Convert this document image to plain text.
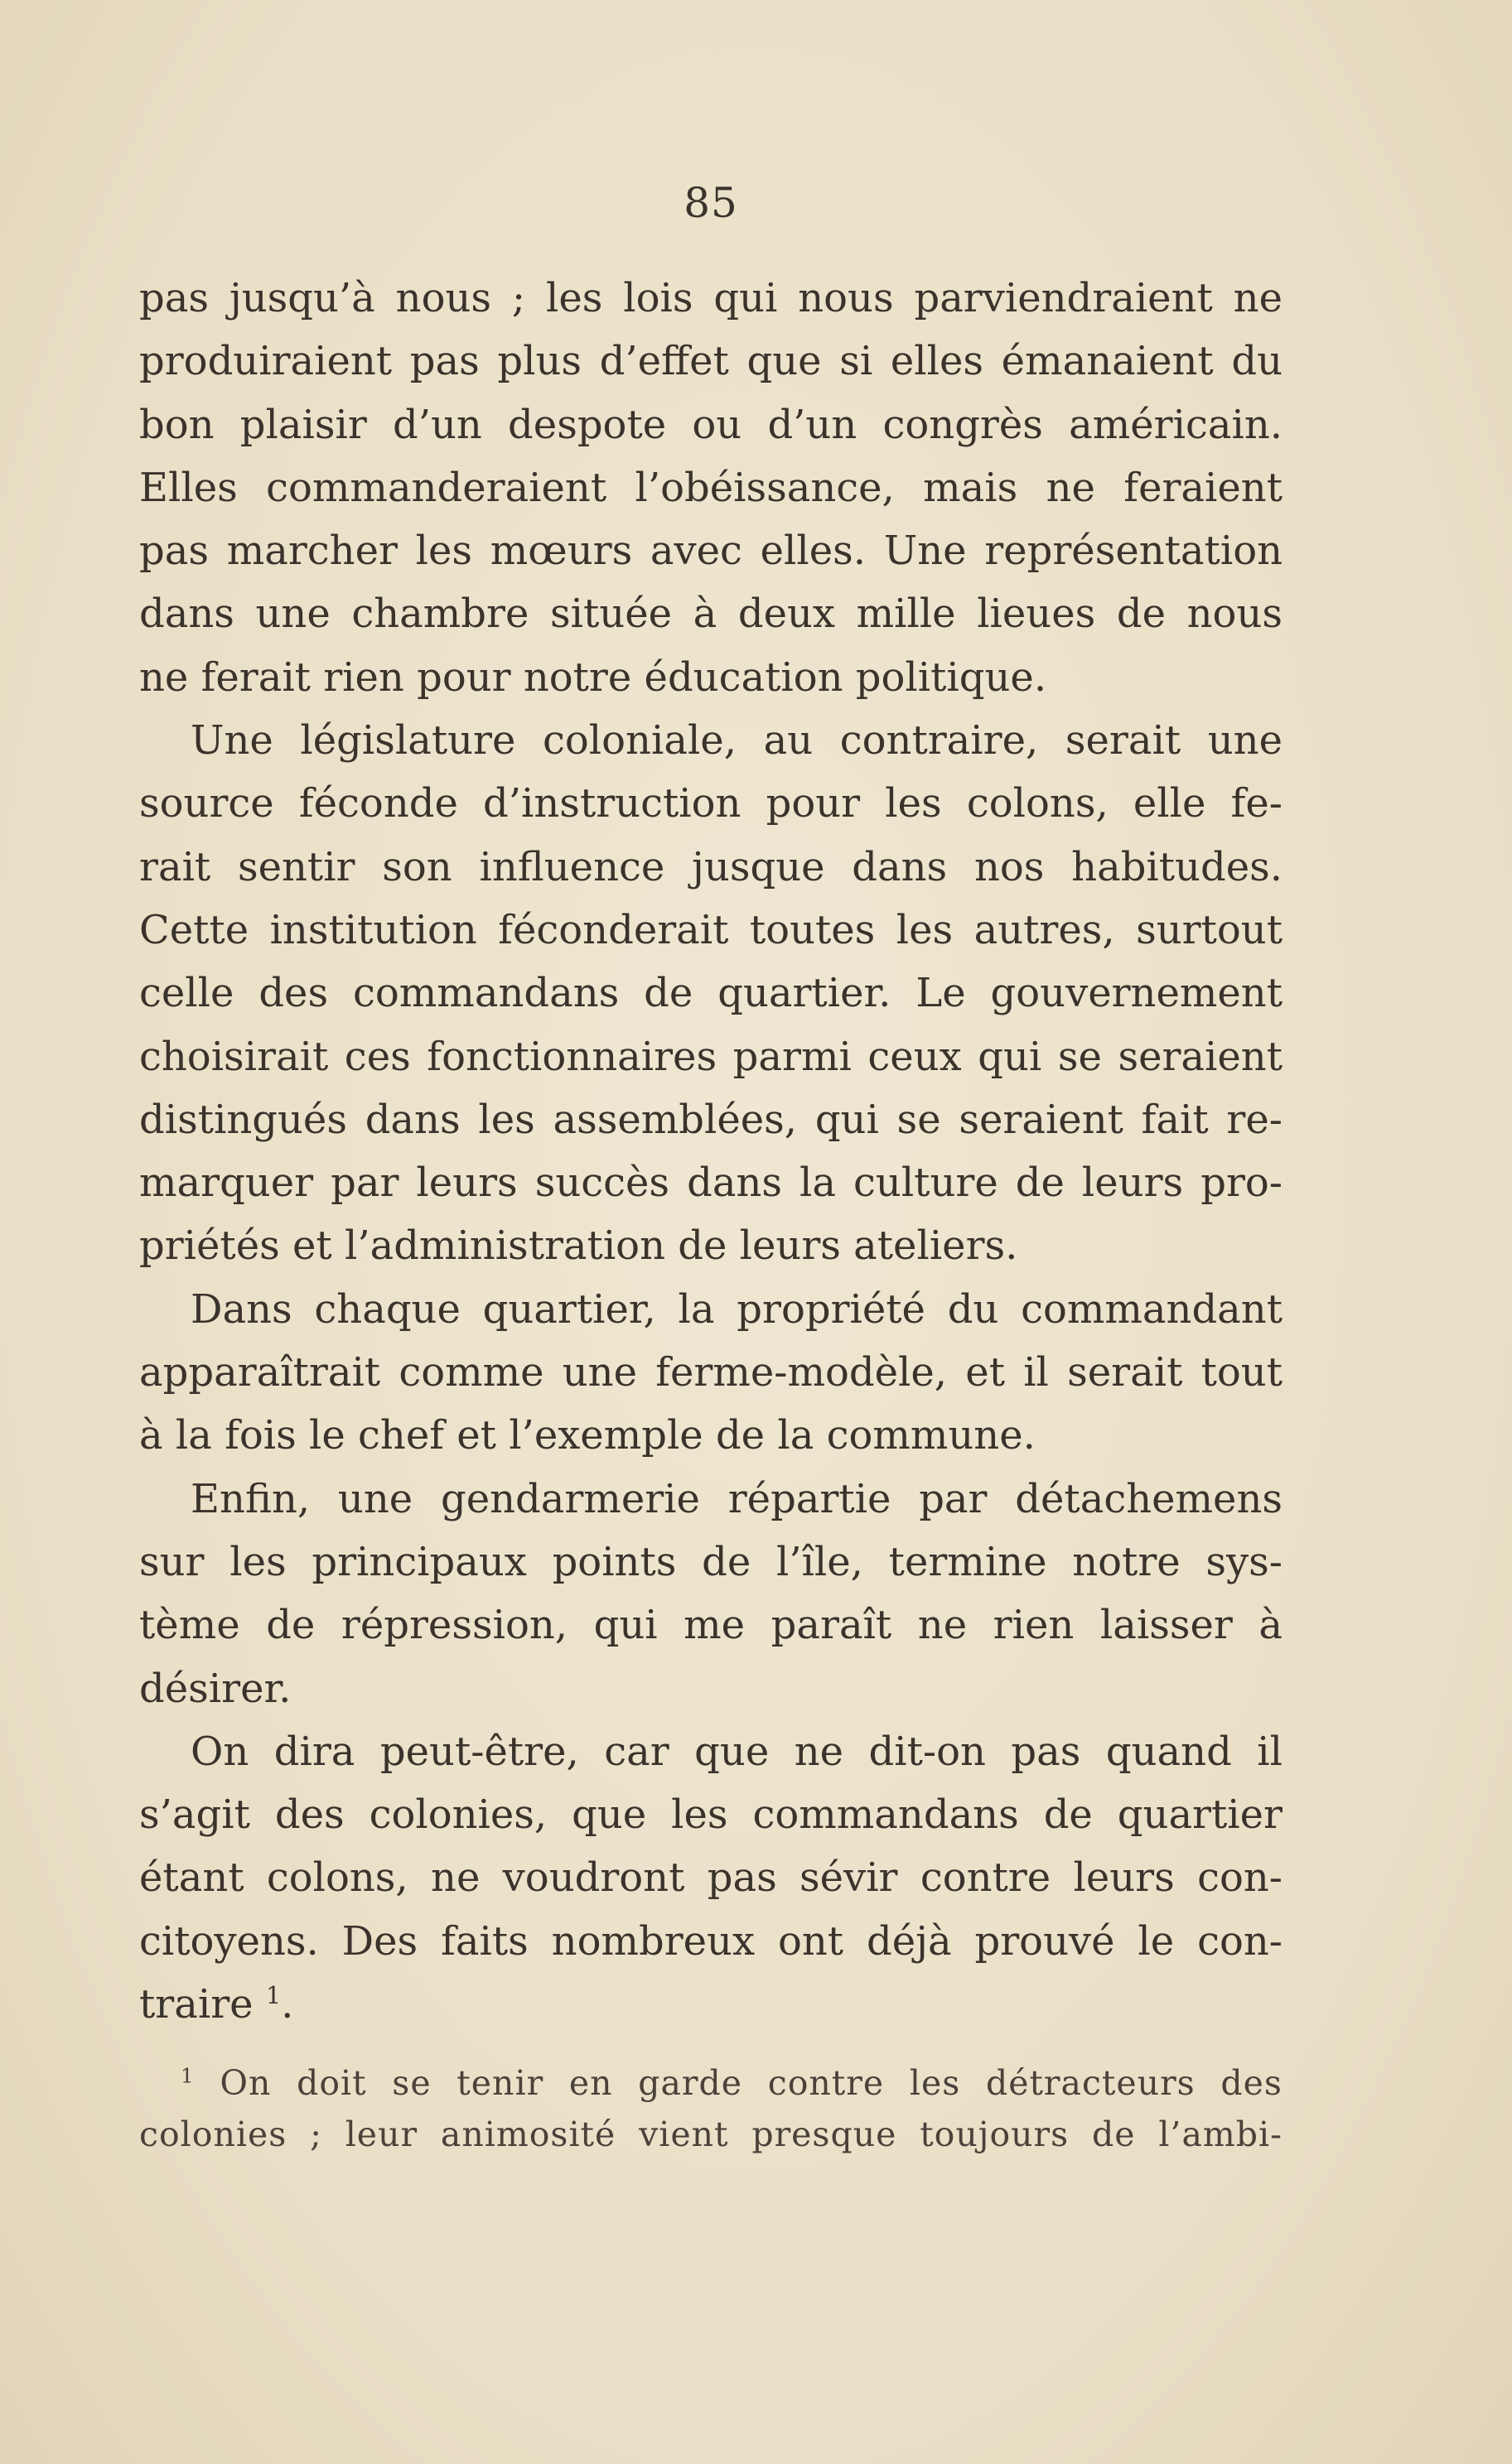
85

pas jusqu’à nous ; les lois qui nous parviendraient ne
produiraient pas plus d’effet que si elles émanaient du
bon plaisir d’un despote ou d’un congrès américain.
Elles commanderaient l’obéissance, mais ne feraient
pas marcher les mœurs avec elles. Une représentation
dans une chambre située à deux mille lieues de nous
ne ferait rien pour notre éducation politique.

Une législature coloniale, au contraire, serait une
source féconde d’instruction pour les colons, elle fe-
rait sentir son influence jusque dans nos habitudes.
Cette institution féconderait toutes les autres, surtout
celle des commandans de quartier. Le gouvernement
choisirait ces fonctionnaires parmi ceux qui se seraient
distingués dans les assemblées, qui se seraient fait re-
marquer par leurs succès dans la culture de leurs pro-
priétés et l’administration de leurs ateliers.

Dans chaque quartier, la propriété du commandant
apparaîtrait comme une ferme-modèle, et il serait tout
à la fois le chef et l’exemple de la commune.

Enfin, une gendarmerie répartie par détachemens
sur les principaux points de l’île, termine notre sys-
tème de répression, qui me paraît ne rien laisser à
désirer.

On dira peut-être, car que ne dit-on pas quand il
s’agit des colonies, que les commandans de quartier
étant colons, ne voudront pas sévir contre leurs con-
citoyens. Des faits nombreux ont déjà prouvé le con-
traire $^1$.

$^1$ On doit se tenir en garde contre les détracteurs des
colonies ; leur animosité vient presque toujours de l’ambi-
